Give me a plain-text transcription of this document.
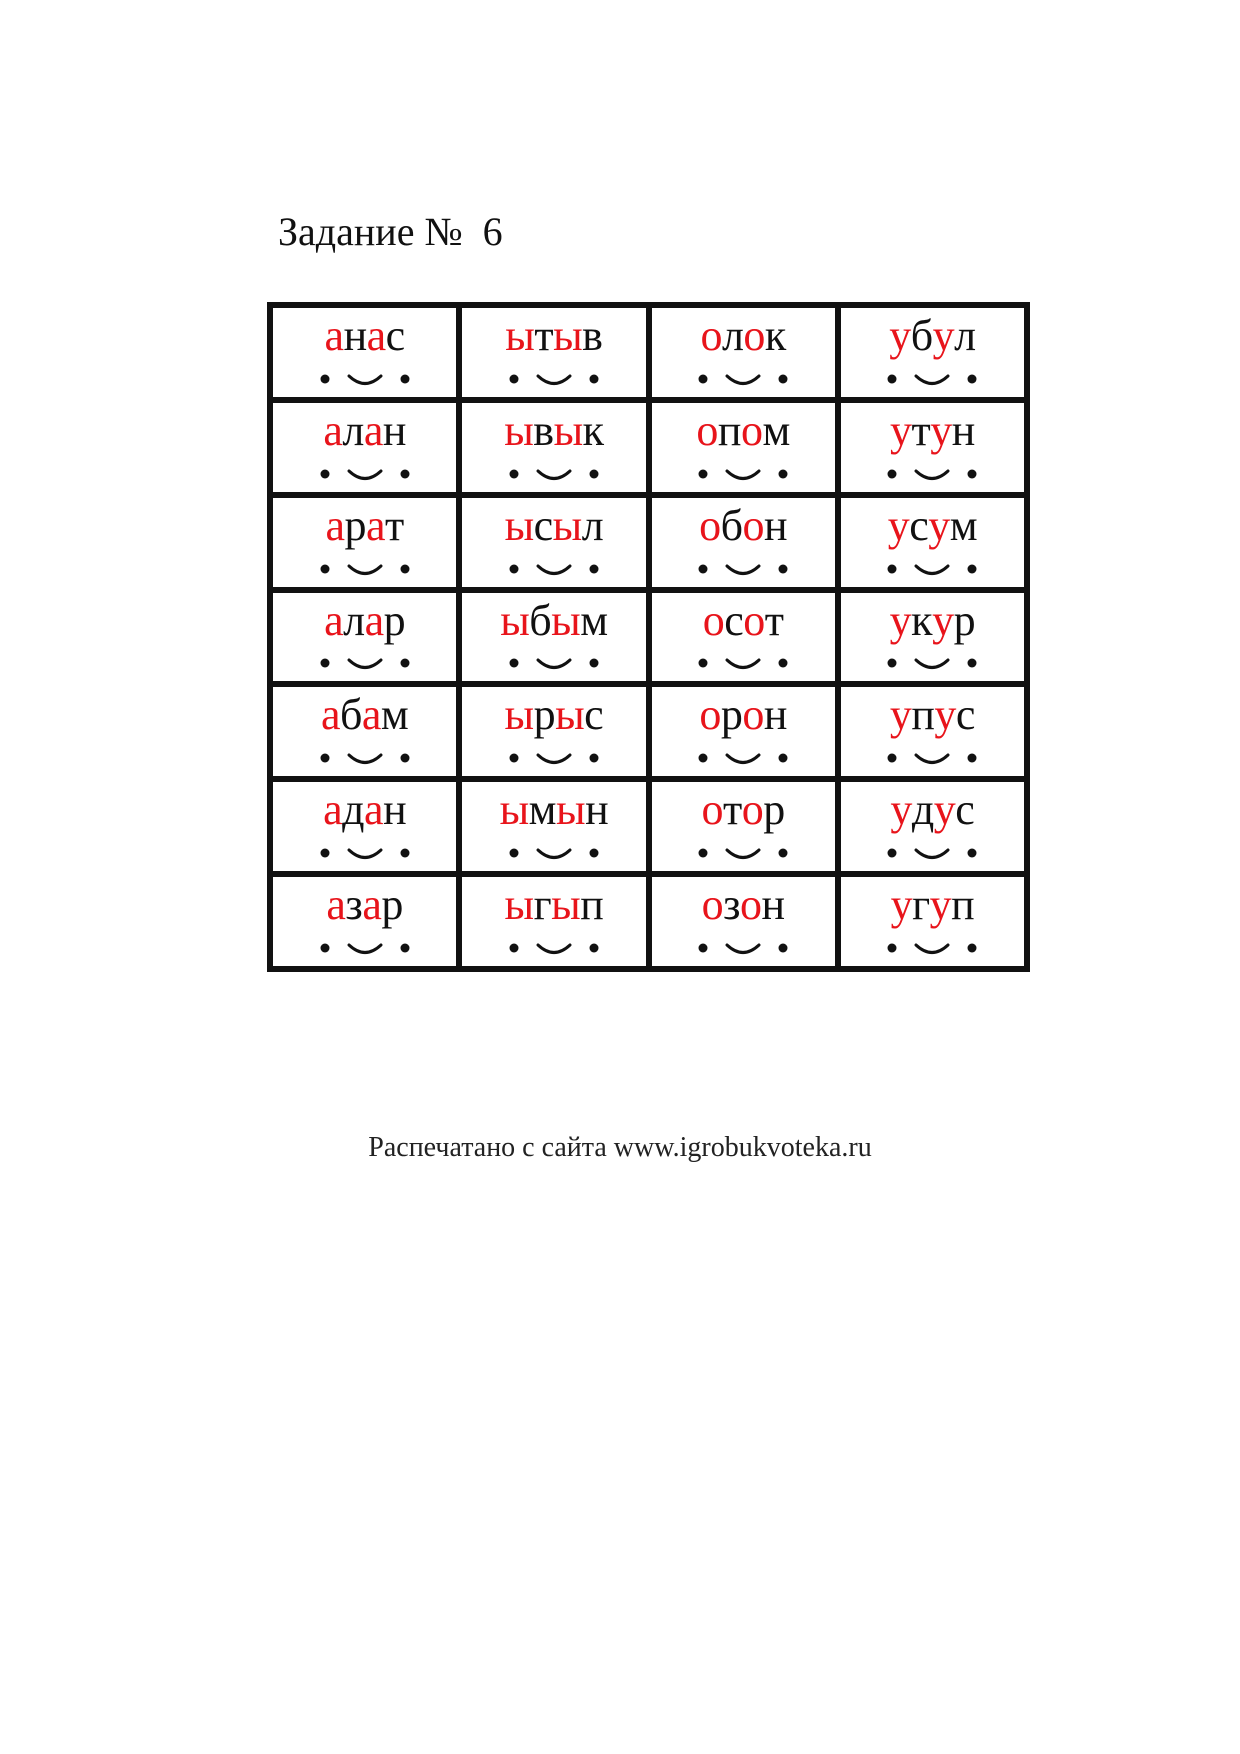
Задание №  6
анас	ытыв	олок	убул
алан	ывык	опом	утун
арат	ысыл	обон	усум
алар	ыбым	осот	укур
абам	ырыс	орон	упус
адан	ымын	отор	удус
азар	ыгып	озон	угуп
Распечатано с сайта www.igrobukvoteka.ru
